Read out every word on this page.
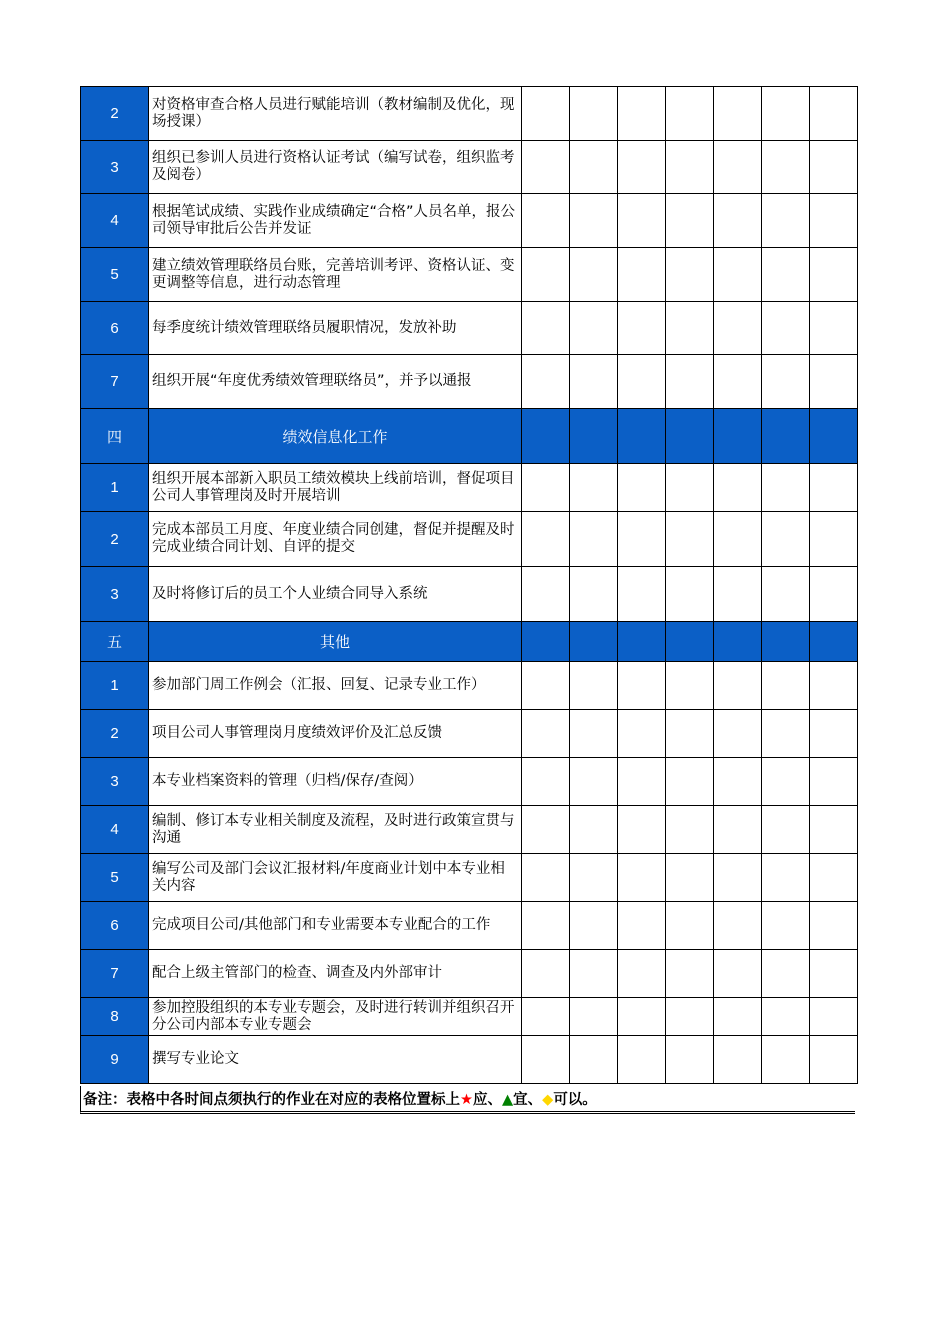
2	对资格审查合格人员进行赋能培训（教材编制及优化，现场授课）							
3	组织已参训人员进行资格认证考试（编写试卷，组织监考及阅卷）							
4	根据笔试成绩、实践作业成绩确定“合格”人员名单，报公司领导审批后公告并发证							
5	建立绩效管理联络员台账，完善培训考评、资格认证、变更调整等信息，进行动态管理							
6	每季度统计绩效管理联络员履职情况，发放补助							
7	组织开展“年度优秀绩效管理联络员”，并予以通报							
四	绩效信息化工作							
1	组织开展本部新入职员工绩效模块上线前培训，督促项目公司人事管理岗及时开展培训							
2	完成本部员工月度、年度业绩合同创建，督促并提醒及时完成业绩合同计划、自评的提交							
3	及时将修订后的员工个人业绩合同导入系统							
五	其他							
1	参加部门周工作例会（汇报、回复、记录专业工作）							
2	项目公司人事管理岗月度绩效评价及汇总反馈							
3	本专业档案资料的管理（归档/保存/查阅）							
4	编制、修订本专业相关制度及流程，及时进行政策宣贯与沟通							
5	编写公司及部门会议汇报材料/年度商业计划中本专业相关内容							
6	完成项目公司/其他部门和专业需要本专业配合的工作							
7	配合上级主管部门的检查、调查及内外部审计							
8	参加控股组织的本专业专题会，及时进行转训并组织召开分公司内部本专业专题会							
9	撰写专业论文							
备注：表格中各时间点须执行的作业在对应的表格位置标上★应、▲宜、◆可以。
